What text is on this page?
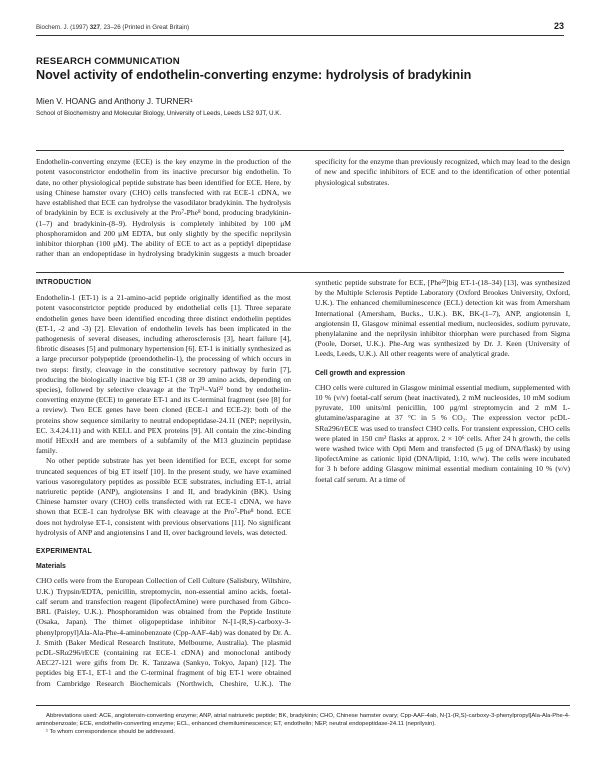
Biochem. J. (1997) 327, 23–26 (Printed in Great Britain)	23
RESEARCH COMMUNICATION
Novel activity of endothelin-converting enzyme: hydrolysis of bradykinin
Mien V. HOANG and Anthony J. TURNER¹
School of Biochemistry and Molecular Biology, University of Leeds, Leeds LS2 9JT, U.K.
Endothelin-converting enzyme (ECE) is the key enzyme in the production of the potent vasoconstrictor endothelin from its inactive precursor big endothelin. To date, no other physiological peptide substrate has been identified for ECE. Here, by using Chinese hamster ovary (CHO) cells transfected with rat ECE-1 cDNA, we have established that ECE can hydrolyse the vasodilator bradykinin. The hydrolysis of bradykinin by ECE is exclusively at the Pro⁷-Phe⁸ bond, producing bradykinin-(1–7) and bradykinin-(8–9). Hydrolysis is completely inhibited by 100 μM phosphoramidon and 200 μM EDTA, but only slightly by the specific neprilysin inhibitor thiorphan (100 μM). The ability of ECE to act as a peptidyl dipeptidase rather than an endopeptidase in hydrolysing bradykinin suggests a much broader specificity for the enzyme than previously recognized, which may lead to the design of new and specific inhibitors of ECE and to the identification of other potential physiological substrates.
INTRODUCTION

Endothelin-1 (ET-1) is a 21-amino-acid peptide originally identified as the most potent vasoconstrictor peptide produced by endothelial cells [1]. Three separate endothelin genes have been identified encoding three distinct endothelin peptides (ET-1, -2 and -3) [2]. Elevation of endothelin levels has been implicated in the pathogenesis of several diseases, including atherosclerosis [3], heart failure [4], fibrotic diseases [5] and pulmonary hypertension [6]. ET-1 is initially synthesized as a large precursor polypeptide (proendothelin-1), the processing of which occurs in two steps: firstly, cleavage in the constitutive secretory pathway by furin [7], producing the biologically inactive big ET-1 (38 or 39 amino acids, depending on species), followed by selective cleavage at the Trp²¹–Val²² bond by endothelin-converting enzyme (ECE) to generate ET-1 and its C-terminal fragment (see [8] for a review). Two ECE genes have been cloned (ECE-1 and ECE-2): both of the proteins show sequence similarity to neutral endopeptidase-24.11 (NEP; neprilysin, EC. 3.4.24.11) and with KELL and PEX proteins [9]. All contain the zinc-binding motif HExxH and are members of a subfamily of the M13 gluzincin peptidase family.

No other peptide substrate has yet been identified for ECE, except for some truncated sequences of big ET itself [10]. In the present study, we have examined various vasoregulatory peptides as possible ECE substrates, including ET-1, atrial natriuretic peptide (ANP), angiotensins I and II, and bradykinin (BK). Using Chinese hamster ovary (CHO) cells transfected with rat ECE-1 cDNA, we have shown that ECE-1 can hydrolyse BK with cleavage at the Pro⁷-Phe⁸ bond. ECE does not hydrolyse ET-1, consistent with previous observations [11]. No significant hydrolysis of ANP and angiotensins I and II, over background levels, was detected.

EXPERIMENTAL
Materials

CHO cells were from the European Collection of Cell Culture (Salisbury, Wiltshire, U.K.) Trypsin/EDTA, penicillin, streptomycin, non-essential amino acids, foetal-calf serum and transfection reagent (lipofectAmine) were purchased from Gibco-BRL (Paisley, U.K.). Phosphoramidon was obtained from the Peptide Institute (Osaka, Japan). The thimet oligopeptidase inhibitor N-[1-(R,S)-carboxy-3-phenylpropyl]Ala-Ala-Phe-4-aminobenzoate (Cpp-AAF-4ab) was donated by Dr. A. J. Smith (Baker Medical Research Institute, Melbourne, Australia). The plasmid pcDL-SRα296/rECE (containing rat ECE-1 cDNA) and monoclonal antibody AEC27-121 were gifts from Dr. K. Tanzawa (Sankyo, Tokyo, Japan) [12]. The peptides big ET-1, ET-1 and the C-terminal fragment of big ET-1 were obtained from Cambridge Research Biochemicals (Northwich, Cheshire, U.K.). The synthetic peptide substrate for ECE, [Phe²²]big ET-1-(18–34) [13], was synthesized by the Multiple Sclerosis Peptide Laboratory (Oxford Brookes University, Oxford, U.K.). The enhanced chemiluminescence (ECL) detection kit was from Amersham International (Amersham, Bucks., U.K.). BK, BK-(1–7), ANP, angiotensin I, angiotensin II, Glasgow minimal essential medium, nucleosides, sodium pyruvate, phenylalanine and the neprilysin inhibitor thiorphan were purchased from Sigma (Poole, Dorset, U.K.). Phe-Arg was synthesized by Dr. J. Keen (University of Leeds, Leeds, U.K.). All other reagents were of analytical grade.

Cell growth and expression

CHO cells were cultured in Glasgow minimal essential medium, supplemented with 10 % (v/v) foetal-calf serum (heat inactivated), 2 mM nucleosides, 10 mM sodium pyruvate, 100 units/ml penicillin, 100 μg/ml streptomycin and 2 mM L-glutamine/asparagine at 37 °C in 5 % CO₂. The expression vector pcDL-SRα296/rECE was used to transfect CHO cells. For transient expression, CHO cells were plated in 150 cm² flasks at approx. 2 × 10⁶ cells. After 24 h growth, the cells were washed twice with Opti Mem and transfected (5 μg of DNA/flask) by using lipofectAmine as cationic lipid (DNA/lipid, 1:10, w/w). The cells were incubated for 3 h before adding Glasgow minimal essential medium containing 10 % (v/v) foetal calf serum. At a time of

Abbreviations used: ACE, angiotensin-converting enzyme; ANP, atrial natriuretic peptide; BK, bradykinin; CHO, Chinese hamster ovary; Cpp-AAF-4ab, N-[1-(R,S)-carboxy-3-phenylpropyl]Ala-Ala-Phe-4-aminobenzoate; ECE, endothelin-converting enzyme; ECL, enhanced chemiluminescence; ET, endothelin; NEP, neutral endopeptidase-24.11 (neprilysin).
¹ To whom correspondence should be addressed.
